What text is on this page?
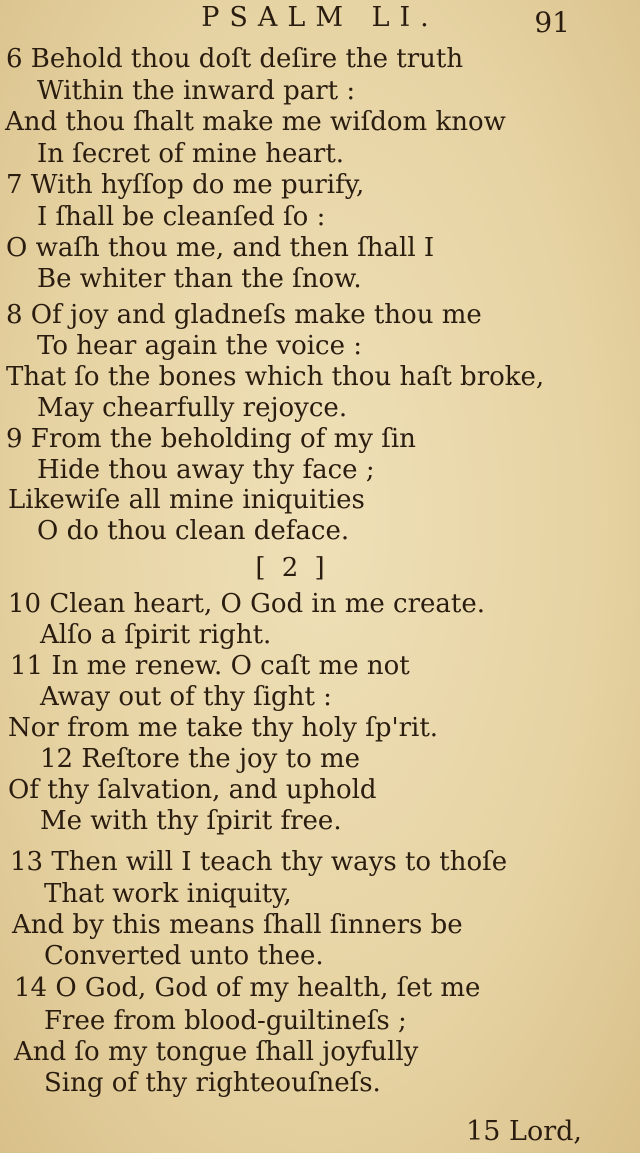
PSALM LI.	91
6 Behold thou doſt deſire the truth
Within the inward part :
And thou ſhalt make me wiſdom know
In ſecret of mine heart.
7 With hyſſop do me purify,
I ſhall be cleanſed ſo :
O waſh thou me, and then ſhall I
Be whiter than the ſnow.
8 Of joy and gladneſs make thou me
To hear again the voice :
That ſo the bones which thou haſt broke,
May chearfully rejoyce.
9 From the beholding of my ſin
Hide thou away thy face ;
Likewiſe all mine iniquities
O do thou clean deface.
[ 2 ]
10 Clean heart, O God in me create.
Alſo a ſpirit right.
11 In me renew. O caſt me not
Away out of thy ſight :
Nor from me take thy holy ſp'rit.
12 Reſtore the joy to me
Of thy ſalvation, and uphold
Me with thy ſpirit free.
13 Then will I teach thy ways to thoſe
That work iniquity,
And by this means ſhall ſinners be
Converted unto thee.
14 O God, God of my health, ſet me
Free from blood-guiltineſs ;
And ſo my tongue ſhall joyfully
Sing of thy righteouſneſs.
15 Lord,
